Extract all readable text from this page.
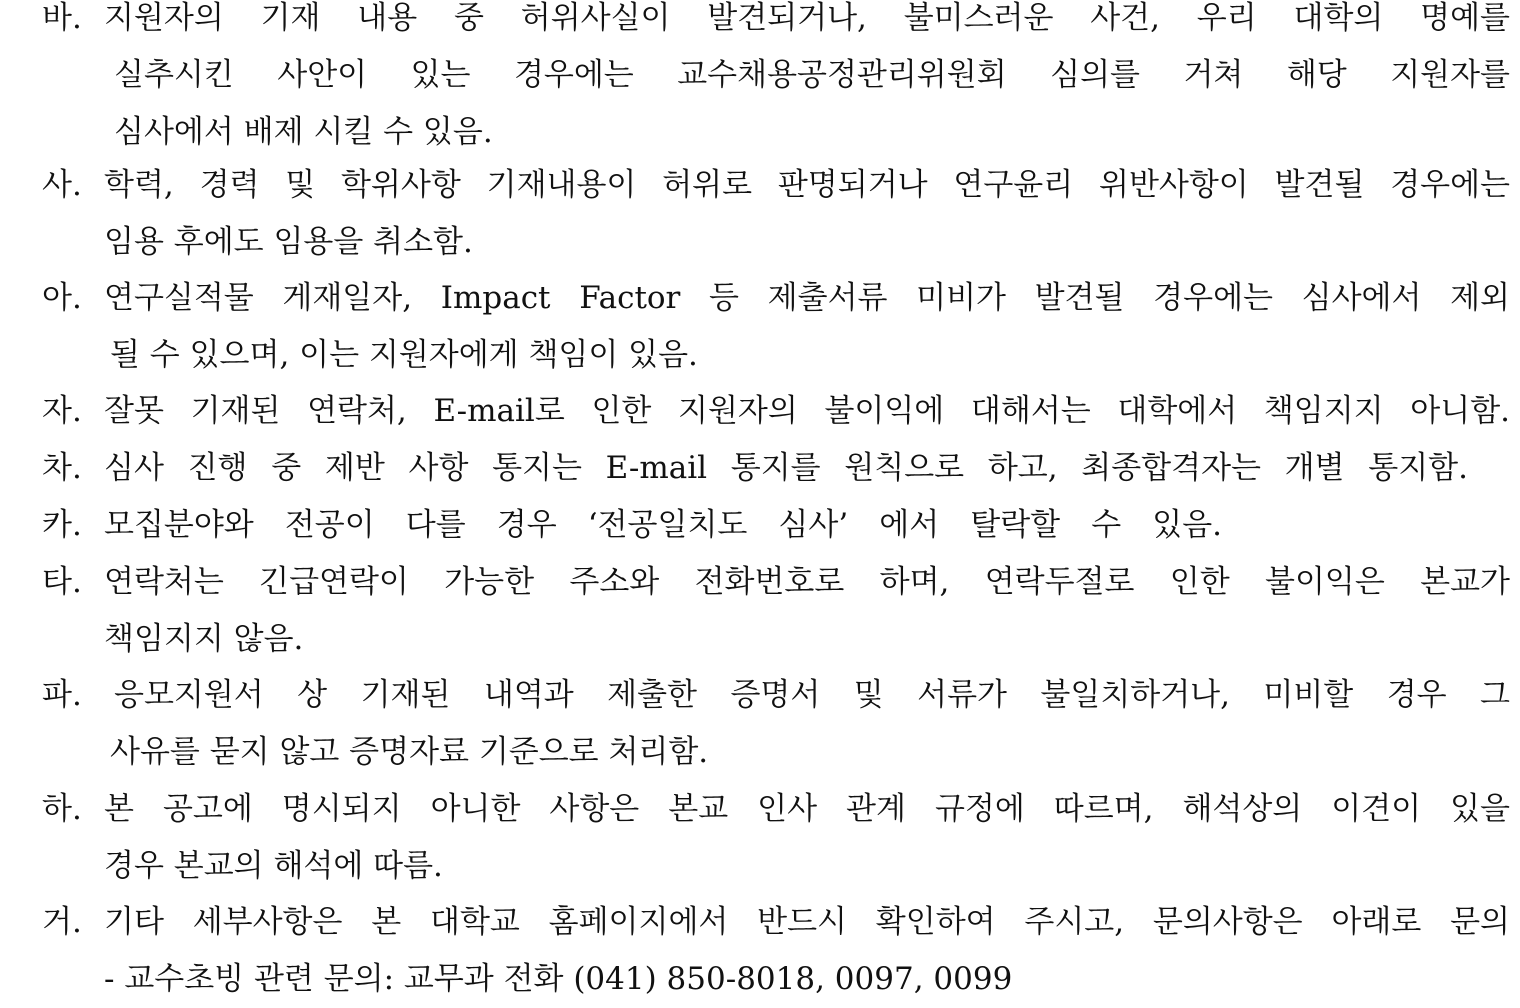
바. 지원자의 기재 내용 중 허위사실이 발견되거나, 불미스러운 사건, 우리 대학의 명예를
실추시킨 사안이 있는 경우에는 교수채용공정관리위원회 심의를 거쳐 해당 지원자를
심사에서 배제 시킬 수 있음.
사. 학력, 경력 및 학위사항 기재내용이 허위로 판명되거나 연구윤리 위반사항이 발견될 경우에는
임용 후에도 임용을 취소함.
아. 연구실적물 게재일자, Impact Factor 등 제출서류 미비가 발견될 경우에는 심사에서 제외
될 수 있으며, 이는 지원자에게 책임이 있음.
자. 잘못 기재된 연락처, E-mail로 인한 지원자의 불이익에 대해서는 대학에서 책임지지 아니함.
차. 심사 진행 중 제반 사항 통지는 E-mail 통지를 원칙으로 하고, 최종합격자는 개별 통지함.
카. 모집분야와 전공이 다를 경우 ‘전공일치도 심사’ 에서 탈락할 수 있음.
타. 연락처는 긴급연락이 가능한 주소와 전화번호로 하며, 연락두절로 인한 불이익은 본교가
책임지지 않음.
파.	응모지원서 상 기재된 내역과 제출한 증명서 및 서류가 불일치하거나, 미비할 경우 그
사유를 묻지 않고 증명자료 기준으로 처리함.
하. 본 공고에 명시되지 아니한 사항은 본교 인사 관계 규정에 따르며, 해석상의 이견이 있을
경우 본교의 해석에 따름.
거. 기타 세부사항은 본 대학교 홈페이지에서 반드시 확인하여 주시고, 문의사항은 아래로 문의
- 교수초빙 관련 문의: 교무과 전화 (041) 850-8018, 0097, 0099
